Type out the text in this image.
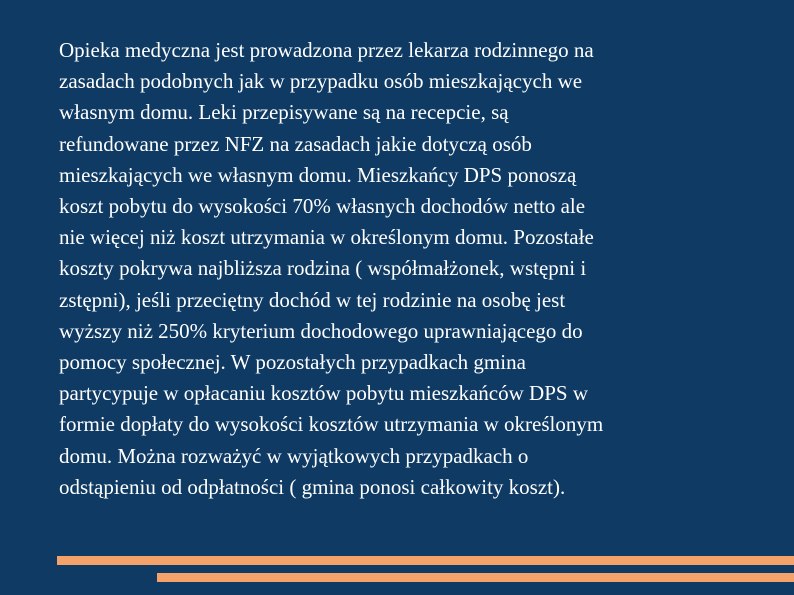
Opieka medyczna jest prowadzona przez lekarza rodzinnego na
zasadach podobnych jak w przypadku osób mieszkających we
własnym domu. Leki przepisywane są na recepcie, są
refundowane przez NFZ na zasadach jakie dotyczą osób
mieszkających we własnym domu. Mieszkańcy DPS ponoszą
koszt pobytu do wysokości 70% własnych dochodów netto ale
nie więcej niż koszt utrzymania w określonym domu. Pozostałe
koszty pokrywa najbliższa rodzina ( współmałżonek, wstępni i
zstępni), jeśli przeciętny dochód w tej rodzinie na osobę jest
wyższy niż 250% kryterium dochodowego uprawniającego do
pomocy społecznej. W pozostałych przypadkach gmina
partycypuje w opłacaniu kosztów pobytu mieszkańców DPS w
formie dopłaty do wysokości kosztów utrzymania w określonym
domu. Można rozważyć w wyjątkowych przypadkach o
odstąpieniu od odpłatności ( gmina ponosi całkowity koszt).
